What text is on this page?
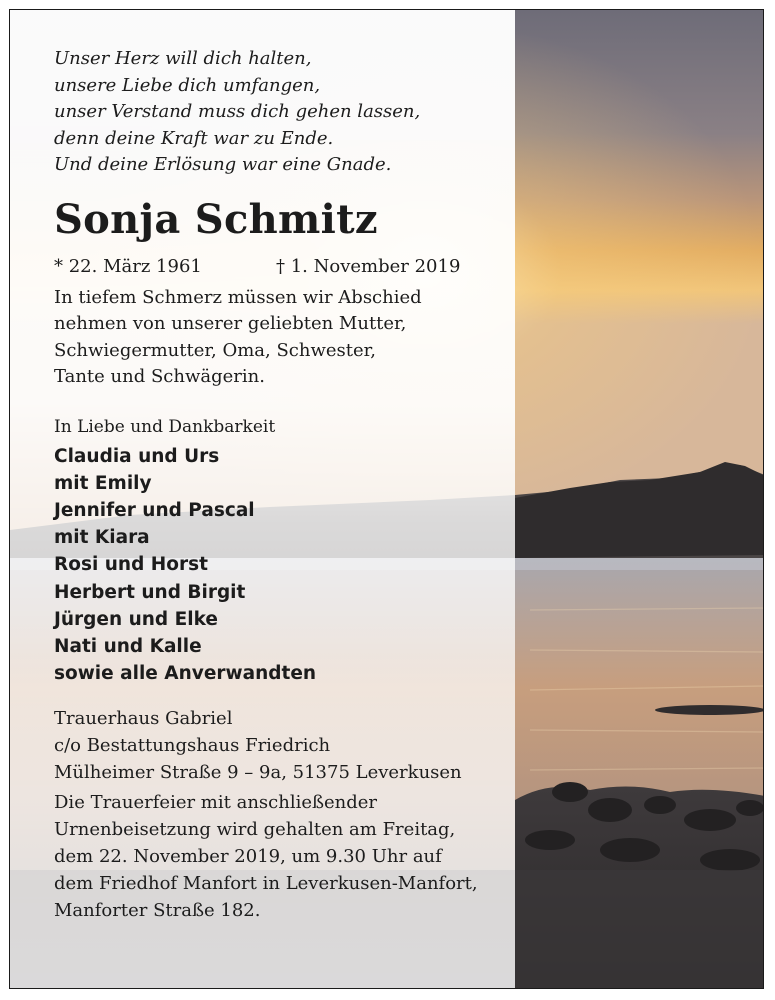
Unser Herz will dich halten,
unsere Liebe dich umfangen,
unser Verstand muss dich gehen lassen,
denn deine Kraft war zu Ende.
Und deine Erlösung war eine Gnade.
Sonja Schmitz
* 22. März 1961	† 1. November 2019
In tiefem Schmerz müssen wir Abschied
nehmen von unserer geliebten Mutter,
Schwiegermutter, Oma, Schwester,
Tante und Schwägerin.
In Liebe und Dankbarkeit
Claudia und Urs
mit Emily
Jennifer und Pascal
mit Kiara
Rosi und Horst
Herbert und Birgit
Jürgen und Elke
Nati und Kalle
sowie alle Anverwandten
Trauerhaus Gabriel
c/o Bestattungshaus Friedrich
Mülheimer Straße 9 – 9a, 51375 Leverkusen
Die Trauerfeier mit anschließender
Urnenbeisetzung wird gehalten am Freitag,
dem 22. November 2019, um 9.30 Uhr auf
dem Friedhof Manfort in Leverkusen-Manfort,
Manforter Straße 182.
